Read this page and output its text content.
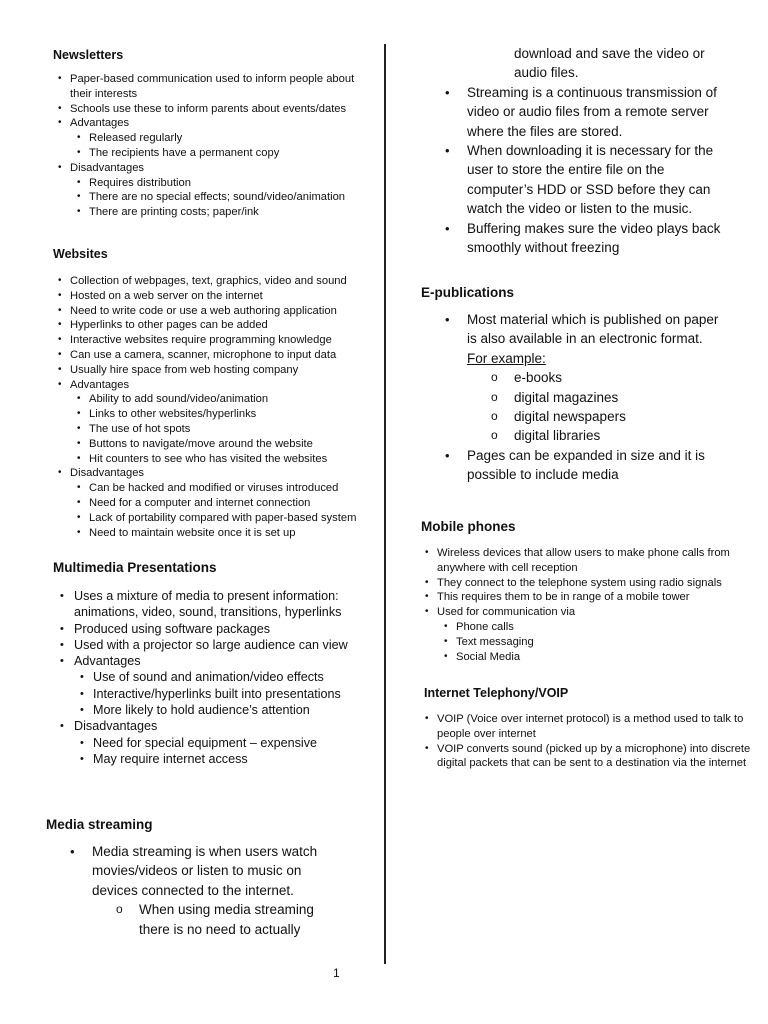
Newsletters
• Paper-based communication used to inform people about their interests
• Schools use these to inform parents about events/dates
• Advantages
• Released regularly
• The recipients have a permanent copy
• Disadvantages
• Requires distribution
• There are no special effects; sound/video/animation
• There are printing costs; paper/ink
Websites
• Collection of webpages, text, graphics, video and sound
• Hosted on a web server on the internet
• Need to write code or use a web authoring application
• Hyperlinks to other pages can be added
• Interactive websites require programming knowledge
• Can use a camera, scanner, microphone to input data
• Usually hire space from web hosting company
• Advantages
• Ability to add sound/video/animation
• Links to other websites/hyperlinks
• The use of hot spots
• Buttons to navigate/move around the website
• Hit counters to see who has visited the websites
• Disadvantages
• Can be hacked and modified or viruses introduced
• Need for a computer and internet connection
• Lack of portability compared with paper-based system
• Need to maintain website once it is set up
Multimedia Presentations
• Uses a mixture of media to present information: animations, video, sound, transitions, hyperlinks
• Produced using software packages
• Used with a projector so large audience can view
• Advantages
• Use of sound and animation/video effects
• Interactive/hyperlinks built into presentations
• More likely to hold audience’s attention
• Disadvantages
• Need for special equipment – expensive
• May require internet access
Media streaming
• Media streaming is when users watch movies/videos or listen to music on devices connected to the internet.
o When using media streaming there is no need to actually
download and save the video or audio files.
• Streaming is a continuous transmission of video or audio files from a remote server where the files are stored.
• When downloading it is necessary for the user to store the entire file on the computer’s HDD or SSD before they can watch the video or listen to the music.
• Buffering makes sure the video plays back smoothly without freezing
E-publications
• Most material which is published on paper is also available in an electronic format. For example:
o e-books
o digital magazines
o digital newspapers
o digital libraries
• Pages can be expanded in size and it is possible to include media
Mobile phones
• Wireless devices that allow users to make phone calls from anywhere with cell reception
• They connect to the telephone system using radio signals
• This requires them to be in range of a mobile tower
• Used for communication via
• Phone calls
• Text messaging
• Social Media
Internet Telephony/VOIP
• VOIP (Voice over internet protocol) is a method used to talk to people over internet
• VOIP converts sound (picked up by a microphone) into discrete digital packets that can be sent to a destination via the internet
1
